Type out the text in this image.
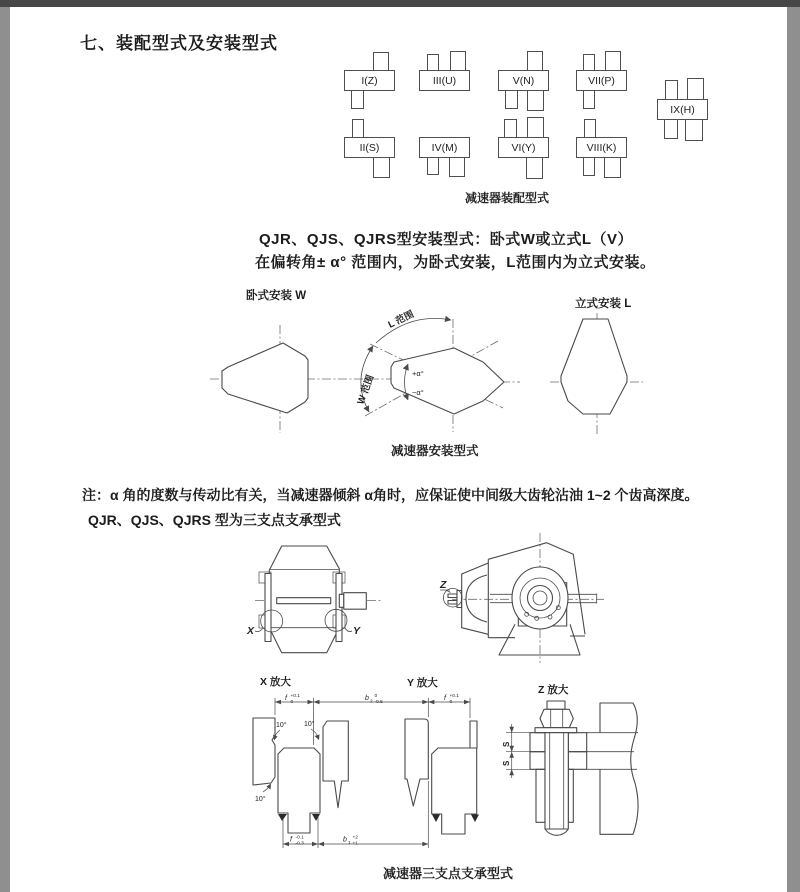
七、装配型式及安装型式
I(Z)	III(U)	V(N)	VII(P)
IX(H)
II(S)	IV(M)	VI(Y)	VIII(K)
减速器装配型式
QJR、QJS、QJRS型安装型式：卧式W或立式L（V）
在偏转角± α° 范围内，为卧式安装，L范围内为立式安装。
卧式安装 W
立式安装 L
+α°
−α°
W 范围
L 范围
减速器安装型式
注：α 角的度数与传动比有关，当减速器倾斜 α角时，应保证使中间级大齿轮沾油 1~2 个齿高深度。
QJR、QJS、QJRS 型为三支点支承型式
X	Y
Z
X 放大	Y 放大
Z 放大
f +0.1
0
b 2
0
-0.5
f +0.1
0
10° 10°
10°
f -0.1
-0.3
b 1
+2
+1
S
S
减速器三支点支承型式
